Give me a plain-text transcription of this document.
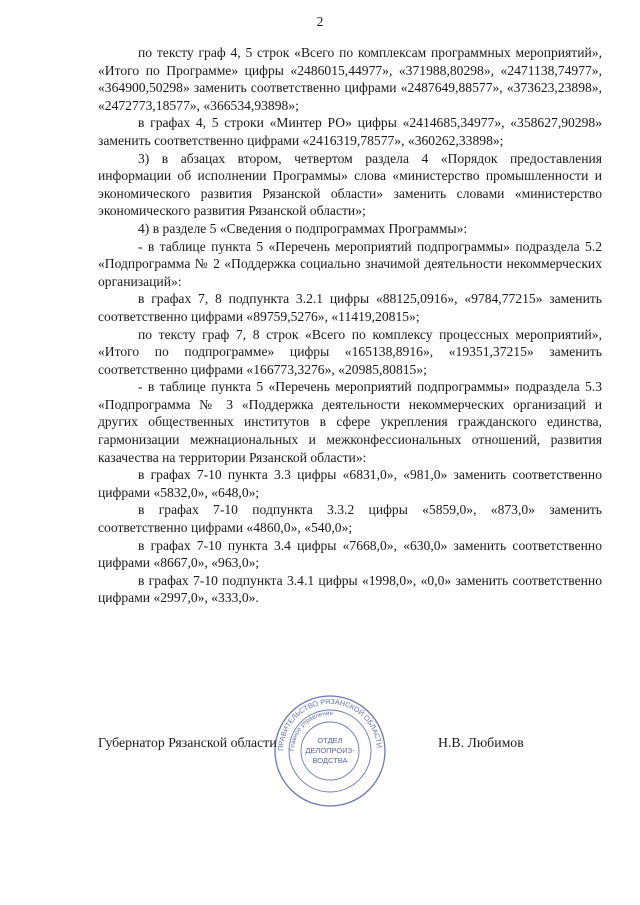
2

по тексту граф 4, 5 строк «Всего по комплексам программных мероприятий», «Итого по Программе» цифры «2486015,44977», «371988,80298», «2471138,74977», «364900,50298» заменить соответственно цифрами «2487649,88577», «373623,23898», «2472773,18577», «366534,93898»;

в графах 4, 5 строки «Минтер РО» цифры «2414685,34977», «358627,90298» заменить соответственно цифрами «2416319,78577», «360262,33898»;

3) в абзацах втором, четвертом раздела 4 «Порядок предоставления информации об исполнении Программы» слова «министерство промышленности и экономического развития Рязанской области» заменить словами «министерство экономического развития Рязанской области»;

4) в разделе 5 «Сведения о подпрограммах Программы»:

- в таблице пункта 5 «Перечень мероприятий подпрограммы» подраздела 5.2 «Подпрограмма № 2 «Поддержка социально значимой деятельности некоммерческих организаций»:

в графах 7, 8 подпункта 3.2.1 цифры «88125,0916», «9784,77215» заменить соответственно цифрами «89759,5276», «11419,20815»;

по тексту граф 7, 8 строк «Всего по комплексу процессных мероприятий», «Итого по подпрограмме» цифры «165138,8916», «19351,37215» заменить соответственно цифрами «166773,3276», «20985,80815»;

- в таблице пункта 5 «Перечень мероприятий подпрограммы» подраздела 5.3 «Подпрограмма № 3 «Поддержка деятельности некоммерческих организаций и других общественных институтов в сфере укрепления гражданского единства, гармонизации межнациональных и межконфессиональных отношений, развития казачества на территории Рязанской области»:

в графах 7-10 пункта 3.3 цифры «6831,0», «981,0» заменить соответственно цифрами «5832,0», «648,0»;

в графах 7-10 подпункта 3.3.2 цифры «5859,0», «873,0» заменить соответственно цифрами «4860,0», «540,0»;

в графах 7-10 пункта 3.4 цифры «7668,0», «630,0» заменить соответственно цифрами «8667,0», «963,0»;

в графах 7-10 подпункта 3.4.1 цифры «1998,0», «0,0» заменить соответственно цифрами «2997,0», «333,0».

ПРАВИТЕЛЬСТВО РЯЗАНСКОЙ ОБЛАСТИ
Главное управление
ОТДЕЛ
ДЕЛОПРОИЗ-
ВОДСТВА
Губернатор Рязанской области	Н.В. Любимов
